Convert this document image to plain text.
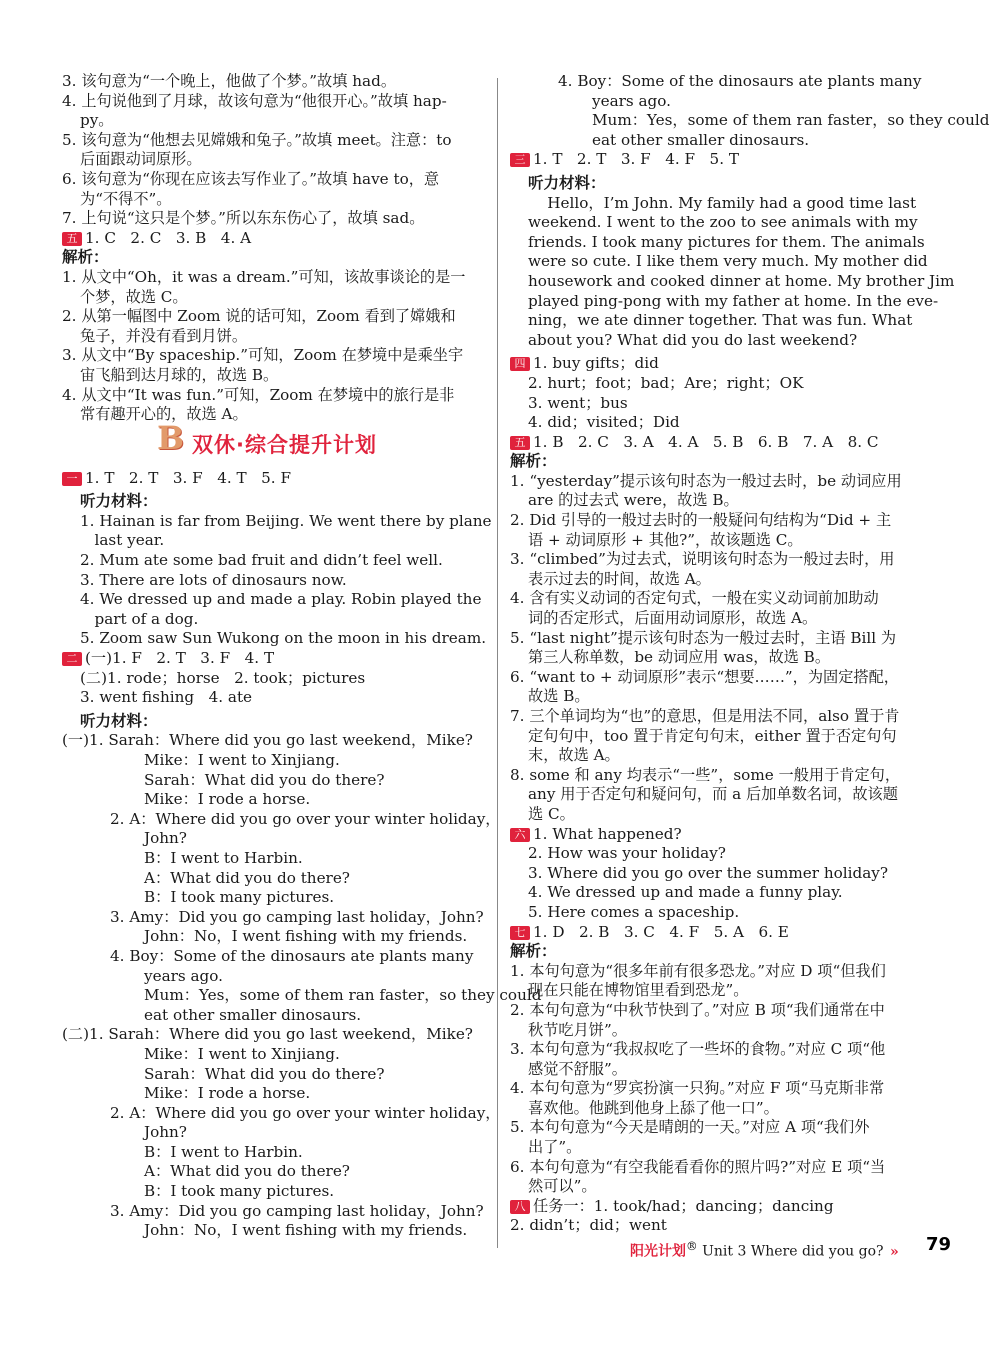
3. 该句意为“一个晚上，他做了个梦。”故填 had。

4. 上句说他到了月球，故该句意为“他很开心。”故填 hap-

py。

5. 该句意为“他想去见嫦娥和兔子。”故填 meet。注意：to

后面跟动词原形。

6. 该句意为“你现在应该去写作业了。”故填 have to，意

为“不得不”。

7. 上句说“这只是个梦。”所以东东伤心了，故填 sad。

五 1. C   2. C   3. B   4. A

解析：

1. 从文中“Oh，it was a dream.”可知，该故事谈论的是一

个梦，故选 C。

2. 从第一幅图中 Zoom 说的话可知，Zoom 看到了嫦娥和

兔子，并没有看到月饼。

3. 从文中“By spaceship.”可知，Zoom 在梦境中是乘坐宇

宙飞船到达月球的，故选 B。

4. 从文中“It was fun.”可知，Zoom 在梦境中的旅行是非

常有趣开心的，故选 A。

B 双休·综合提升计划

一 1. T   2. T   3. F   4. T   5. F

听力材料：

1. Hainan is far from Beijing. We went there by plane

last year.

2. Mum ate some bad fruit and didn’t feel well.

3. There are lots of dinosaurs now.

4. We dressed up and made a play. Robin played the

part of a dog.

5. Zoom saw Sun Wukong on the moon in his dream.

二 (一)1. F   2. T   3. F   4. T

(二)1. rode；horse   2. took；pictures

3. went fishing   4. ate

听力材料：

(一)1. Sarah：Where did you go last weekend，Mike?

Mike：I went to Xinjiang.

Sarah：What did you do there?

Mike：I rode a horse.

2. A：Where did you go over your winter holiday，

John?

B：I went to Harbin.

A：What did you do there?

B：I took many pictures.

3. Amy：Did you go camping last holiday，John?

John：No，I went fishing with my friends.

4. Boy：Some of the dinosaurs ate plants many

years ago.

Mum：Yes，some of them ran faster，so they could

eat other smaller dinosaurs.

(二)1. Sarah：Where did you go last weekend，Mike?

Mike：I went to Xinjiang.

Sarah：What did you do there?

Mike：I rode a horse.

2. A：Where did you go over your winter holiday，

John?

B：I went to Harbin.

A：What did you do there?

B：I took many pictures.

3. Amy：Did you go camping last holiday，John?

John：No，I went fishing with my friends.

4. Boy：Some of the dinosaurs ate plants many

years ago.

Mum：Yes，some of them ran faster，so they could

eat other smaller dinosaurs.

三 1. T   2. T   3. F   4. F   5. T

听力材料：

Hello，I’m John. My family had a good time last

weekend. I went to the zoo to see animals with my

friends. I took many pictures for them. The animals

were so cute. I like them very much. My mother did

housework and cooked dinner at home. My brother Jim

played ping-pong with my father at home. In the eve-

ning，we ate dinner together. That was fun. What

about you? What did you do last weekend?

四 1. buy gifts；did

2. hurt；foot；bad；Are；right；OK

3. went；bus

4. did；visited；Did

五 1. B   2. C   3. A   4. A   5. B   6. B   7. A   8. C

解析：

1. “yesterday”提示该句时态为一般过去时，be 动词应用

are 的过去式 were，故选 B。

2. Did 引导的一般过去时的一般疑问句结构为“Did + 主

语 + 动词原形 + 其他?”，故该题选 C。

3. “climbed”为过去式，说明该句时态为一般过去时，用

表示过去的时间，故选 A。

4. 含有实义动词的否定句式，一般在实义动词前加助动

词的否定形式，后面用动词原形，故选 A。

5. “last night”提示该句时态为一般过去时，主语 Bill 为

第三人称单数，be 动词应用 was，故选 B。

6. “want to + 动词原形”表示“想要……”，为固定搭配，

故选 B。

7. 三个单词均为“也”的意思，但是用法不同，also 置于肯

定句句中，too 置于肯定句句末，either 置于否定句句

末，故选 A。

8. some 和 any 均表示“一些”，some 一般用于肯定句，

any 用于否定句和疑问句，而 a 后加单数名词，故该题

选 C。

六 1. What happened?

2. How was your holiday?

3. Where did you go over the summer holiday?

4. We dressed up and made a funny play.

5. Here comes a spaceship.

七 1. D   2. B   3. C   4. F   5. A   6. E

解析：

1. 本句句意为“很多年前有很多恐龙。”对应 D 项“但我们

现在只能在博物馆里看到恐龙”。

2. 本句句意为“中秋节快到了。”对应 B 项“我们通常在中

秋节吃月饼”。

3. 本句句意为“我叔叔吃了一些坏的食物。”对应 C 项“他

感觉不舒服”。

4. 本句句意为“罗宾扮演一只狗。”对应 F 项“马克斯非常

喜欢他。他跳到他身上舔了他一口”。

5. 本句句意为“今天是晴朗的一天。”对应 A 项“我们外

出了”。

6. 本句句意为“有空我能看看你的照片吗?”对应 E 项“当

然可以”。

八 任务一：1. took/had；dancing；dancing

2. didn’t；did；went

阳光计划® Unit 3 Where did you go? » 79
